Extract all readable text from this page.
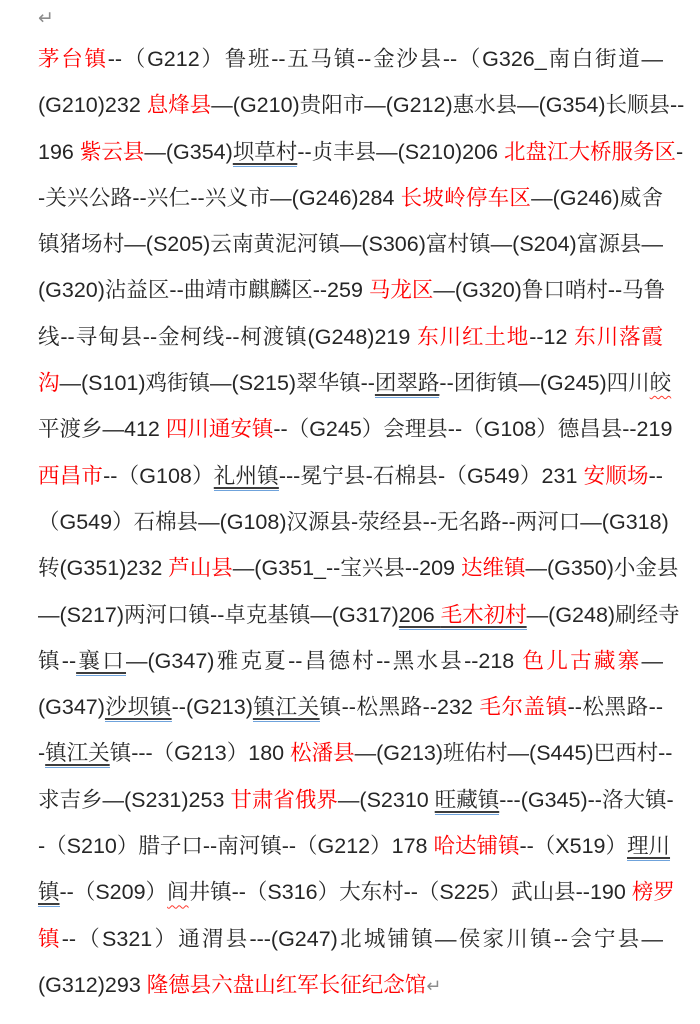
↵
茅台镇--（G212）鲁班--五马镇--金沙县--（G326_南白街道—
(G210)232 息烽县—(G210)贵阳市—(G212)惠水县—(G354)长顺县--
196 紫云县—(G354)坝草村--贞丰县—(S210)206 北盘江大桥服务区-
-关兴公路--兴仁--兴义市—(G246)284 长坡岭停车区—(G246)威舍
镇猪场村—(S205)云南黄泥河镇—(S306)富村镇—(S204)富源县—
(G320)沾益区--曲靖市麒麟区--259 马龙区—(G320)鲁口哨村--马鲁
线--寻甸县--金柯线--柯渡镇(G248)219 东川红土地--12 东川落霞
沟—(S101)鸡街镇—(S215)翠华镇--团翠路--团街镇—(G245)四川皎
平渡乡—412 四川通安镇--（G245）会理县--（G108）德昌县--219
西昌市--（G108）礼州镇---冕宁县-石棉县-（G549）231 安顺场--
（G549）石棉县—(G108)汉源县-荥经县--无名路--两河口—(G318)
转(G351)232 芦山县—(G351_--宝兴县--209 达维镇—(G350)小金县
—(S217)两河口镇--卓克基镇—(G317)206 毛木初村—(G248)刷经寺
镇--襄口—(G347)雅克夏--昌德村--黑水县--218 色儿古藏寨—
(G347)沙坝镇--(G213)镇江关镇--松黑路--232 毛尔盖镇--松黑路--
-镇江关镇---（G213）180 松潘县—(G213)班佑村—(S445)巴西村--
求吉乡—(S231)253 甘肃省俄界—(S2310 旺藏镇---(G345)--洛大镇-
-（S210）腊子口--南河镇--（G212）178 哈达铺镇--（X519）理川
镇--（S209）闾井镇--（S316）大东村--（S225）武山县--190 榜罗
镇--（S321）通渭县---(G247)北城铺镇—侯家川镇--会宁县—
(G312)293 隆德县六盘山红军长征纪念馆↵
